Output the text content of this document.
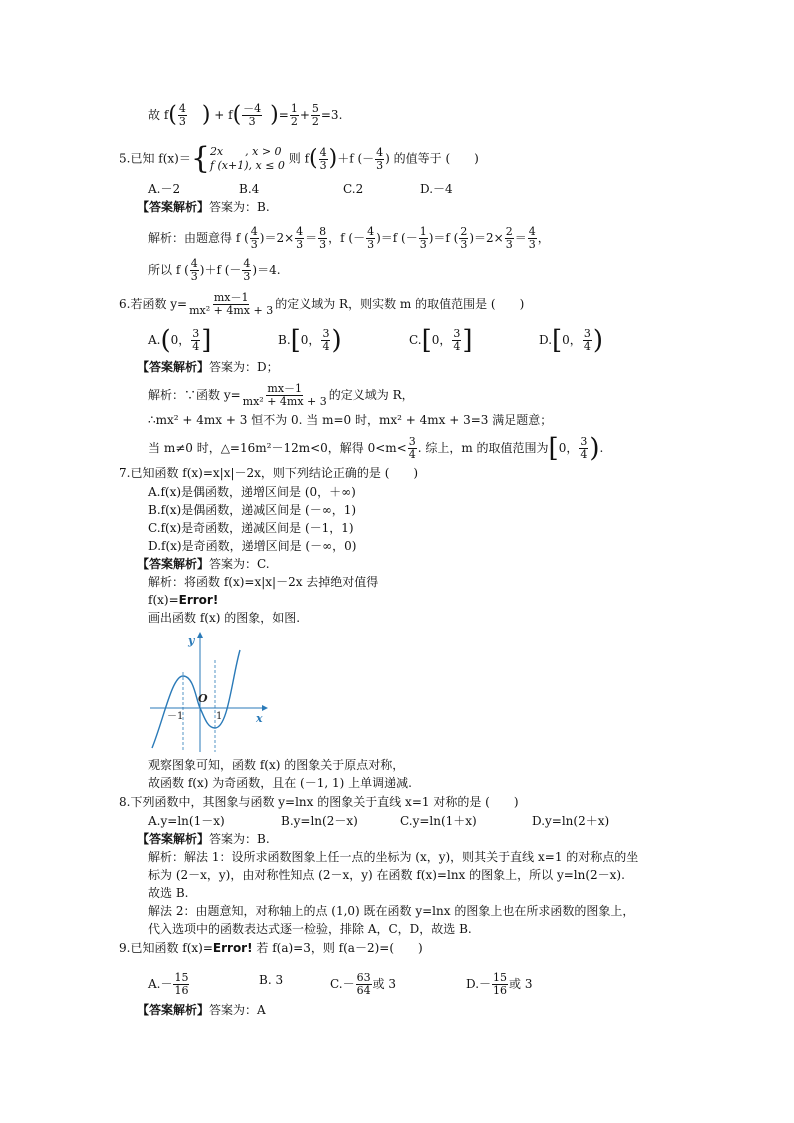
故 $f( \frac{4}{3}$ ) + $f( \frac{-4}{3}$ )= $\frac{1}{2} + \frac{5}{2} =3$.
5.已知 f(x)＝{ 2x　　, x > 0
f (x+1), x ≤ 0 则 $f( \frac{4}{3} )+f$ (－ $\frac{4}{3}$ ) 的值等于 (　　)
A.－2	B.4	C.2	D.－4
【答案解析】答案为：B.
解析：由题意得 f ( $\frac{4}{3} )=2\times \frac{4}{3} = \frac{8}{3}$ ，f (－ $\frac{4}{3} )=f$ (－ $\frac{1}{3} )=f$ ( $\frac{2}{3} )=2\times \frac{2}{3} = \frac{4}{3}$ ，
所以 f ( $\frac{4}{3} )+f$ (－ $\frac{4}{3} )=4$.
6.若函数 $y= \frac{mx-1}{\text{mx² + 4mx + 3}}$ 的定义域为 R，则实数 m 的取值范围是 (　　)
A.(0， $\frac{3}{4}$ ]	B.[0， $\frac{3}{4}$ )	C.[0， $\frac{3}{4}$ ]	D.[0， $\frac{3}{4}$ )
【答案解析】答案为：D；
解析：∵函数 $y= \frac{mx-1}{\text{mx² + 4mx + 3}}$ 的定义域为 R，
∴mx² + 4mx + 3 恒不为 0. 当 m=0 时，mx² + 4mx + 3=3 满足题意；
当 m≠0 时，△=16m²－12m<0，解得 $0<m< \frac{3}{4}$ . 综上，m 的取值范围为[0， $\frac{3}{4}$ ).
7.已知函数 f(x)=x|x|－2x，则下列结论正确的是 (　　)
A.f(x)是偶函数，递增区间是 (0，＋∞)
B.f(x)是偶函数，递减区间是 (－∞，1)
C.f(x)是奇函数，递减区间是 (－1，1)
D.f(x)是奇函数，递增区间是 (－∞，0)
【答案解析】答案为：C.
解析：将函数 f(x)=x|x|－2x 去掉绝对值得
f(x)=Error!
画出函数 f(x) 的图象，如图.
y
x
O
－1	1
观察图象可知，函数 f(x) 的图象关于原点对称，
故函数 f(x) 为奇函数，且在 (－1, 1) 上单调递减.
8.下列函数中，其图象与函数 y=lnx 的图象关于直线 x=1 对称的是 (　　)
A.y=ln(1－x)	B.y=ln(2－x)	C.y=ln(1＋x)	D.y=ln(2＋x)
【答案解析】答案为：B.
解析：解法 1：设所求函数图象上任一点的坐标为 (x，y)，则其关于直线 x=1 的对称点的坐
标为 (2－x，y)，由对称性知点 (2－x，y) 在函数 f(x)=lnx 的图象上，所以 y=ln(2－x).
故选 B.
解法 2：由题意知，对称轴上的点 (1,0) 既在函数 y=lnx 的图象上也在所求函数的图象上，
代入选项中的函数表达式逐一检验，排除 A，C，D，故选 B.
9.已知函数 f(x)=Error! 若 f(a)=3，则 f(a－2)=(　　)
$A.- \frac{15}{16}$	B. 3	$C.- \frac{63}{64}$ 或 3	$D.- \frac{15}{16}$ 或 3
【答案解析】答案为：A
